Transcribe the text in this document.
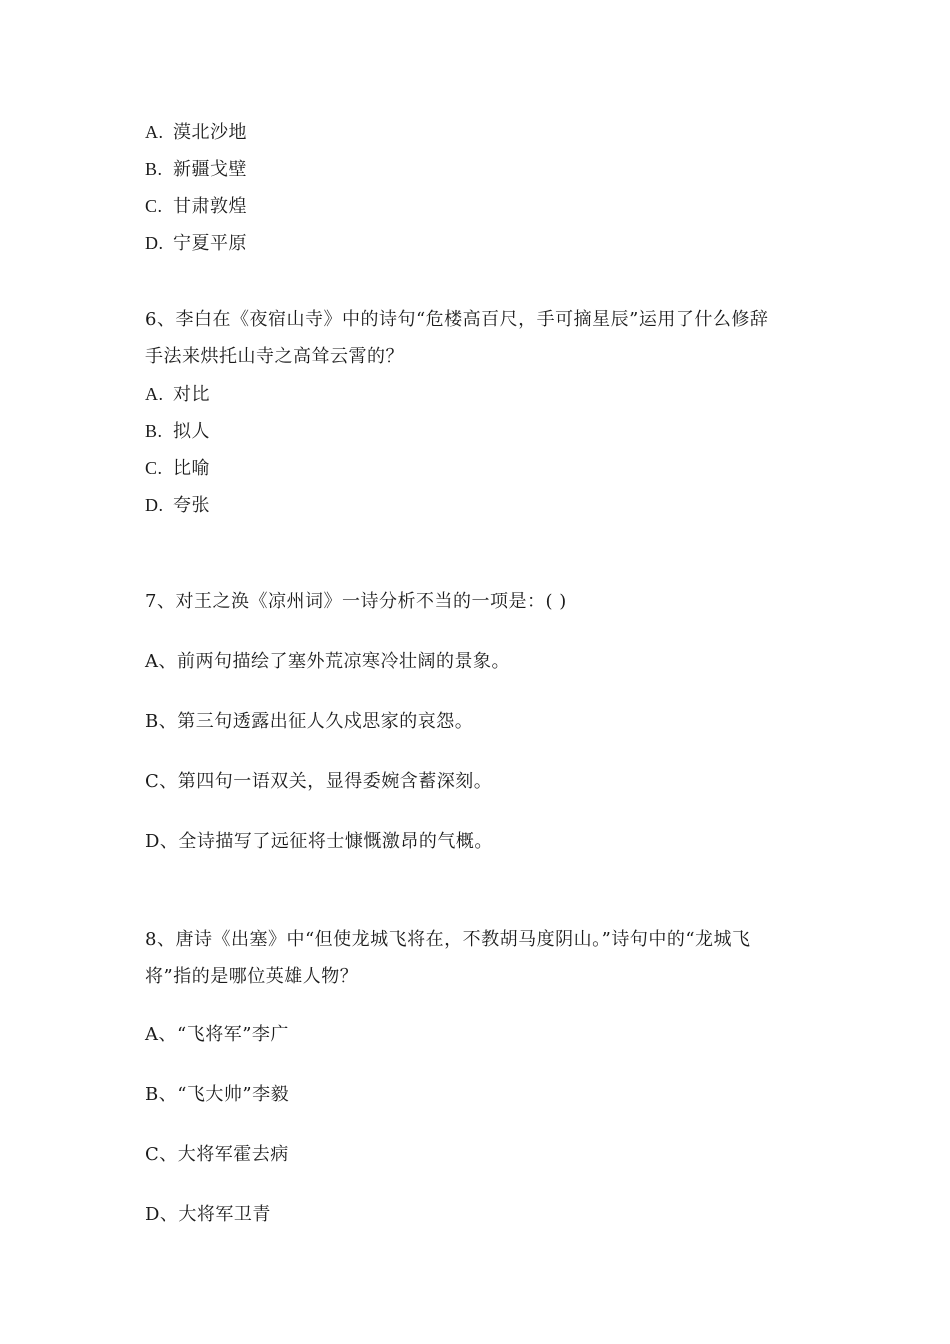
A. 漠北沙地
B. 新疆戈壁
C. 甘肃敦煌
D. 宁夏平原
6、李白在《夜宿山寺》中的诗句“危楼高百尺，手可摘星辰”运用了什么修辞
手法来烘托山寺之高耸云霄的？
A. 对比
B. 拟人
C. 比喻
D. 夸张
7、对王之涣《凉州词》一诗分析不当的一项是：( )
A、前两句描绘了塞外荒凉寒冷壮阔的景象。
B、第三句透露出征人久戍思家的哀怨。
C、第四句一语双关，显得委婉含蓄深刻。
D、全诗描写了远征将士慷慨激昂的气概。
8、唐诗《出塞》中“但使龙城飞将在，不教胡马度阴山。”诗句中的“龙城飞
将”指的是哪位英雄人物？
A、“飞将军”李广
B、“飞大帅”李毅
C、大将军霍去病
D、大将军卫青
